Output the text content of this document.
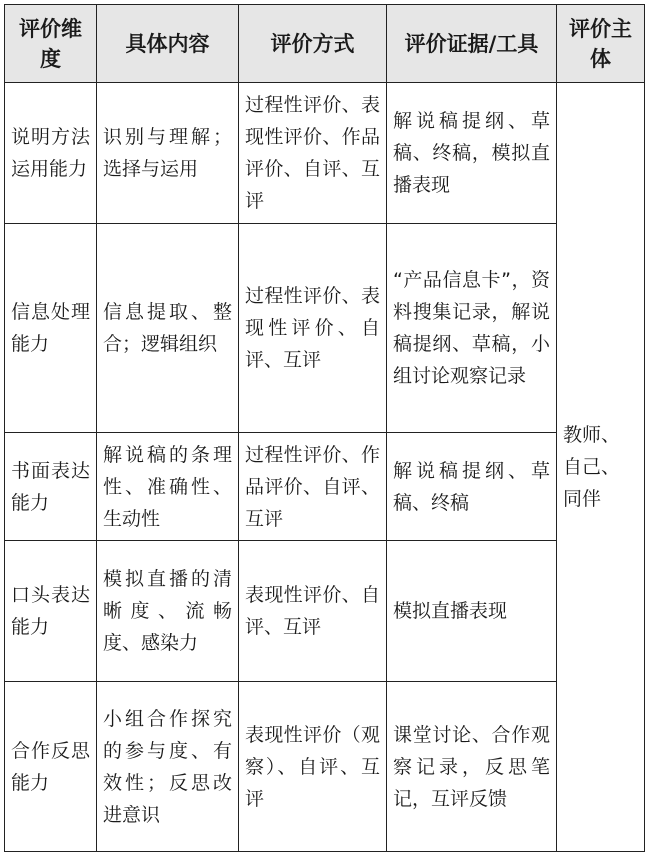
评价维度	具体内容	评价方式	评价证据/工具	评价主体
说明方法运用能力	识别与理解；选择与运用	过程性评价、表现性评价、作品评价、自评、互评	解说稿提纲、草稿、终稿，模拟直播表现	教师、自己、同伴
信息处理能力	信息提取、整合；逻辑组织	过程性评价、表现性评价、自评、互评	“产品信息卡”，资料搜集记录，解说稿提纲、草稿，小组讨论观察记录	
书面表达能力	解说稿的条理性、准确性、生动性	过程性评价、作品评价、自评、互评	解说稿提纲、草稿、终稿	
口头表达能力	模拟直播的清晰度、流畅度、感染力	表现性评价、自评、互评	模拟直播表现	
合作反思能力	小组合作探究的参与度、有效性；反思改进意识	表现性评价（观察）、自评、互评	课堂讨论、合作观察记录，反思笔记，互评反馈	
